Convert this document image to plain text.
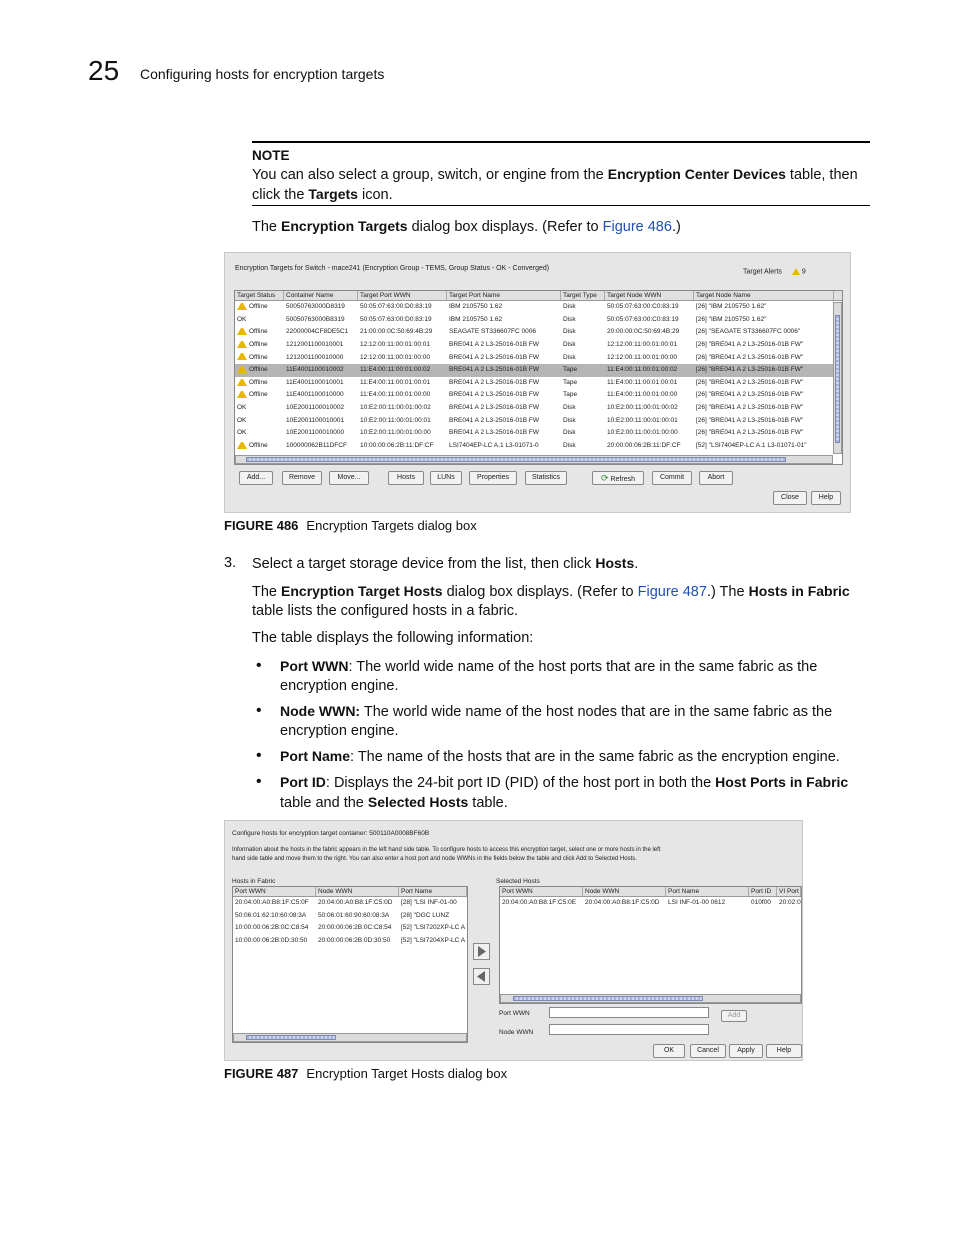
25 Configuring hosts for encryption targets
NOTE
You can also select a group, switch, or engine from the Encryption Center Devices table, then click the Targets icon.
The Encryption Targets dialog box displays. (Refer to Figure 486.)
Encryption Targets for Switch - mace241 (Encryption Group - TEMS, Group Status - OK - Converged)	Target Alerts	9
Target Status	Container Name	Target Port WWN	Target Port Name	Target Type	Target Node WWN	Target Node Name
Offline	50050763000D8319	50:05:07:63:00:D0:83:19	IBM 2105750 1.62	Disk	50:05:07:63:00:C0:83:19	[26] "IBM 2105750 1.62"
OK	50050763000B8319	50:05:07:63:00:D0:83:19	IBM 2105750 1.62	Disk	50:05:07:63:00:C0:83:19	[26] "IBM 2105750 1.62"
Offline	22000004CF8DE5C1	21:00:00:0C:50:69:4B:29	SEAGATE ST336607FC 0006	Disk	20:00:00:0C:50:69:4B:29	[26] "SEAGATE ST336607FC 0006"
Offline	1212001100010001	12:12:00:11:00:01:00:01	BRE041 A 2 L3-25016-01B FW	Disk	12:12:00:11:00:01:00:01	[26] "BRE041 A 2 L3-25016-01B FW"
Offline	1212001100010000	12:12:00:11:00:01:00:00	BRE041 A 2 L3-25016-01B FW	Disk	12:12:00:11:00:01:00:00	[26] "BRE041 A 2 L3-25016-01B FW"
Offline	11E4001100010002	11:E4:00:11:00:01:00:02	BRE041 A 2 L3-25016-01B FW	Tape	11:E4:00:11:00:01:00:02	[26] "BRE041 A 2 L3-25016-01B FW"
Offline	11E4001100010001	11:E4:00:11:00:01:00:01	BRE041 A 2 L3-25016-01B FW	Tape	11:E4:00:11:00:01:00:01	[26] "BRE041 A 2 L3-25016-01B FW"
Offline	11E4001100010000	11:E4:00:11:00:01:00:00	BRE041 A 2 L3-25016-01B FW	Tape	11:E4:00:11:00:01:00:00	[26] "BRE041 A 2 L3-25016-01B FW"
OK	10E2001100010002	10:E2:00:11:00:01:00:02	BRE041 A 2 L3-25016-01B FW	Disk	10:E2:00:11:00:01:00:02	[26] "BRE041 A 2 L3-25016-01B FW"
OK	10E2001100010001	10:E2:00:11:00:01:00:01	BRE041 A 2 L3-25016-01B FW	Disk	10:E2:00:11:00:01:00:01	[26] "BRE041 A 2 L3-25016-01B FW"
OK	10E2001100010000	10:E2:00:11:00:01:00:00	BRE041 A 2 L3-25016-01B FW	Disk	10:E2:00:11:00:01:00:00	[26] "BRE041 A 2 L3-25016-01B FW"
Offline	100000062B11DFCF	10:00:00:06:2B:11:DF:CF	LSI7404EP-LC A.1 L3-01071-0	Disk	20:00:00:06:2B:11:DF:CF	[52] "LSI7404EP-LC A.1 L3-01071-01"
Add...	Remove	Move...	Hosts	LUNs	Properties	Statistics	⟳ Refresh	Commit	Abort
Close	Help
FIGURE 486 Encryption Targets dialog box
3. Select a target storage device from the list, then click Hosts.
The Encryption Target Hosts dialog box displays. (Refer to Figure 487.) The Hosts in Fabric table lists the configured hosts in a fabric.
The table displays the following information:
• Port WWN: The world wide name of the host ports that are in the same fabric as the encryption engine.
• Node WWN: The world wide name of the host nodes that are in the same fabric as the encryption engine.
• Port Name: The name of the hosts that are in the same fabric as the encryption engine.
• Port ID: Displays the 24-bit port ID (PID) of the host port in both the Host Ports in Fabric table and the Selected Hosts table.
Configure hosts for encryption target container: 500110A0008BF60B
Information about the hosts in the fabric appears in the left hand side table. To configure hosts to access this encryption target, select one or more hosts in the left
hand side table and move them to the right. You can also enter a host port and node WWNs in the fields below the table and click Add to Selected Hosts.
Hosts in Fabric
Port WWN	Node WWN	Port Name
20:04:00:A0:B8:1F:C5:0F	20:04:00:A0:B8:1F:C5:0D	[28] "LSI INF-01-00
50:06:01:62:10:60:08:3A	50:06:01:60:90:60:08:3A	[28] "DGC LUNZ
10:00:00:06:2B:0C:C8:54	20:00:00:06:2B:0C:C8:54	[52] "LSI7202XP-LC A
10:00:00:06:2B:0D:30:50	20:00:00:06:2B:0D:30:50	[52] "LSI7204XP-LC A
Selected Hosts
Port WWN	Node WWN	Port Name	Port ID	VI Port
20:04:00:A0:B8:1F:C5:0E	20:04:00:A0:B8:1F:C5:0D	LSI INF-01-00 0612	010f00	20:02:0
Port WWN
Node WWN
Add
OK	Cancel	Apply	Help
FIGURE 487 Encryption Target Hosts dialog box
